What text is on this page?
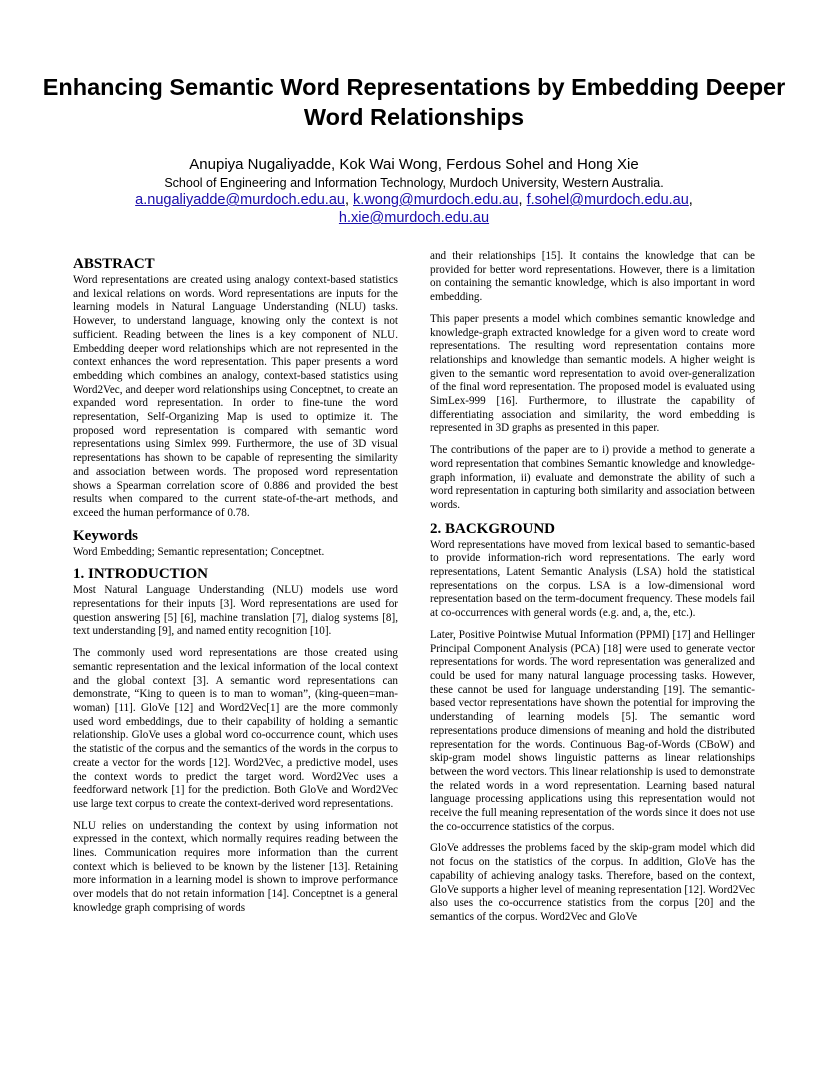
Enhancing Semantic Word Representations by Embedding Deeper Word Relationships

Anupiya Nugaliyadde, Kok Wai Wong, Ferdous Sohel and Hong Xie

School of Engineering and Information Technology, Murdoch University, Western Australia.

a.nugaliyadde@murdoch.edu.au, k.wong@murdoch.edu.au, f.sohel@murdoch.edu.au,
h.xie@murdoch.edu.au

ABSTRACT

Word representations are created using analogy context-based statistics and lexical relations on words. Word representations are inputs for the learning models in Natural Language Understanding (NLU) tasks. However, to understand language, knowing only the context is not sufficient. Reading between the lines is a key component of NLU. Embedding deeper word relationships which are not represented in the context enhances the word representation. This paper presents a word embedding which combines an analogy, context-based statistics using Word2Vec, and deeper word relationships using Conceptnet, to create an expanded word representation. In order to fine-tune the word representation, Self-Organizing Map is used to optimize it. The proposed word representation is compared with semantic word representations using Simlex 999. Furthermore, the use of 3D visual representations has shown to be capable of representing the similarity and association between words. The proposed word representation shows a Spearman correlation score of 0.886 and provided the best results when compared to the current state-of-the-art methods, and exceed the human performance of 0.78.

Keywords

Word Embedding; Semantic representation; Conceptnet.

1. INTRODUCTION

Most Natural Language Understanding (NLU) models use word representations for their inputs [3]. Word representations are used for question answering [5] [6], machine translation [7], dialog systems [8], text understanding [9], and named entity recognition [10].

The commonly used word representations are those created using semantic representation and the lexical information of the local context and the global context [3]. A semantic word representations can demonstrate, “King to queen is to man to woman”, (king-queen=man-woman) [11]. GloVe [12] and Word2Vec[1] are the more commonly used word embeddings, due to their capability of holding a semantic relationship. GloVe uses a global word co-occurrence count, which uses the statistic of the corpus and the semantics of the words in the corpus to create a vector for the words [12]. Word2Vec, a predictive model, uses the context words to predict the target word. Word2Vec uses a feedforward network [1] for the prediction. Both GloVe and Word2Vec use large text corpus to create the context-derived word representations.

NLU relies on understanding the context by using information not expressed in the context, which normally requires reading between the lines. Communication requires more information than the current context which is believed to be known by the listener [13]. Retaining more information in a learning model is shown to improve performance over models that do not retain information [14]. Conceptnet is a general knowledge graph comprising of words

and their relationships [15]. It contains the knowledge that can be provided for better word representations. However, there is a limitation on containing the semantic knowledge, which is also important in word embedding.

This paper presents a model which combines semantic knowledge and knowledge-graph extracted knowledge for a given word to create word representations. The resulting word representation contains more relationships and knowledge than semantic models. A higher weight is given to the semantic word representation to avoid over-generalization of the final word representation. The proposed model is evaluated using SimLex-999 [16]. Furthermore, to illustrate the capability of differentiating association and similarity, the word embedding is represented in 3D graphs as presented in this paper.

The contributions of the paper are to i) provide a method to generate a word representation that combines Semantic knowledge and knowledge-graph information, ii) evaluate and demonstrate the ability of such a word representation in capturing both similarity and association between words.

2. BACKGROUND

Word representations have moved from lexical based to semantic-based to provide information-rich word representations. The early word representations, Latent Semantic Analysis (LSA) hold the statistical representations on the corpus. LSA is a low-dimensional word representation based on the term-document frequency. These models fail at co-occurrences with general words (e.g. and, a, the, etc.).

Later, Positive Pointwise Mutual Information (PPMI) [17] and Hellinger Principal Component Analysis (PCA) [18] were used to generate vector representations for words. The word representation was generalized and could be used for many natural language processing tasks. However, these cannot be used for language understanding [19]. The semantic-based vector representations have shown the potential for improving the understanding of learning models [5]. The semantic word representations produce dimensions of meaning and hold the distributed representation for the words. Continuous Bag-of-Words (CBoW) and skip-gram model shows linguistic patterns as linear relationships between the word vectors. This linear relationship is used to demonstrate the related words in a word representation. Learning based natural language processing applications using this representation would not receive the full meaning representation of the words since it does not use the co-occurrence statistics of the corpus.

GloVe addresses the problems faced by the skip-gram model which did not focus on the statistics of the corpus. In addition, GloVe has the capability of achieving analogy tasks. Therefore, based on the context, GloVe supports a higher level of meaning representation [12]. Word2Vec also uses the co-occurrence statistics from the corpus [20] and the semantics of the corpus. Word2Vec and GloVe
